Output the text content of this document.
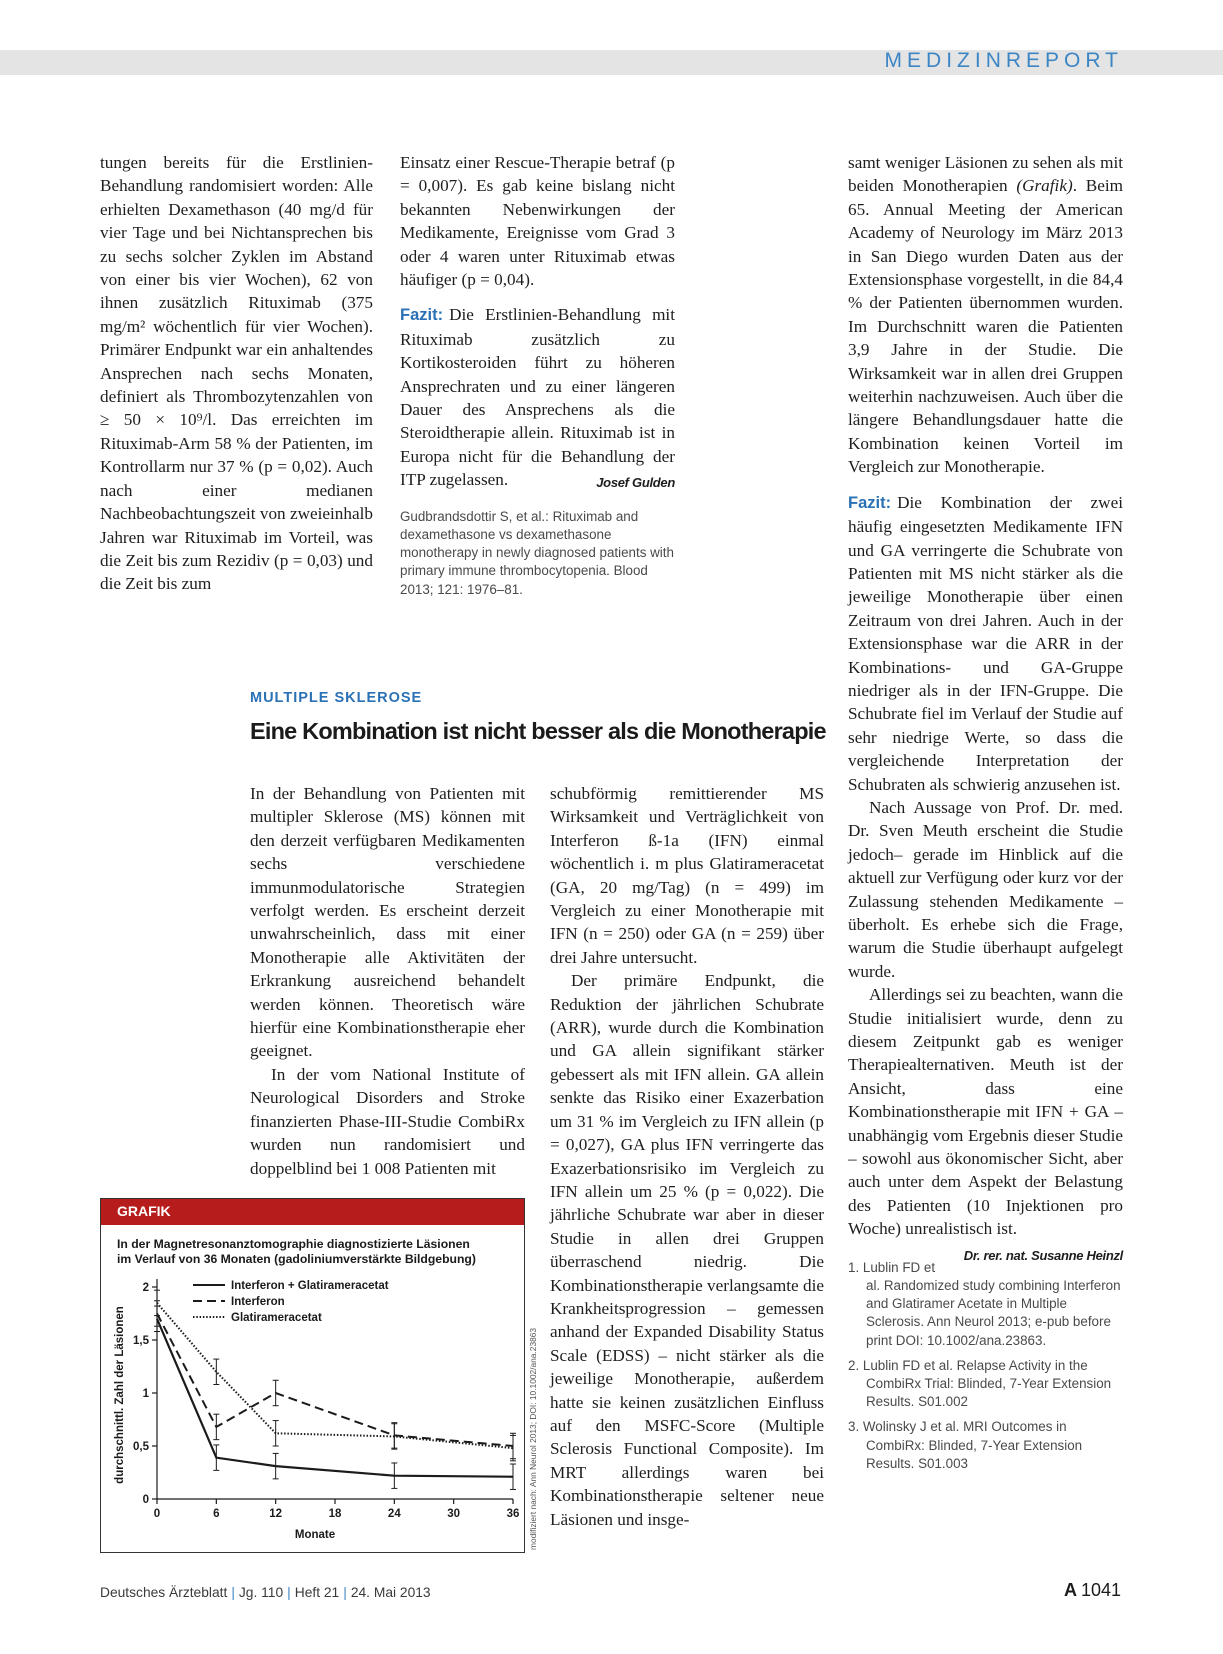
MEDIZINREPORT

tungen bereits für die Erstlinien-Behandlung randomisiert worden: Alle erhielten Dexamethason (40 mg/d für vier Tage und bei Nichtansprechen bis zu sechs solcher Zyklen im Abstand von einer bis vier Wochen), 62 von ihnen zusätzlich Rituximab (375 mg/m² wöchentlich für vier Wochen). Primärer Endpunkt war ein anhaltendes Ansprechen nach sechs Monaten, definiert als Thrombozytenzahlen von ≥ 50 × 10⁹/l. Das erreichten im Rituximab-Arm 58 % der Patienten, im Kontrollarm nur 37 % (p = 0,02). Auch nach einer medianen Nachbeobachtungszeit von zweieinhalb Jahren war Rituximab im Vorteil, was die Zeit bis zum Rezidiv (p = 0,03) und die Zeit bis zum

Einsatz einer Rescue-Therapie betraf (p = 0,007). Es gab keine bislang nicht bekannten Nebenwirkungen der Medikamente, Ereignisse vom Grad 3 oder 4 waren unter Rituximab etwas häufiger (p = 0,04).

Fazit: Die Erstlinien-Behandlung mit Rituximab zusätzlich zu Kortikosteroiden führt zu höheren Ansprechraten und zu einer längeren Dauer des Ansprechens als die Steroidtherapie allein. Rituximab ist in Europa nicht für die Behandlung der ITP zugelassen.	Josef Gulden

Gudbrandsdottir S, et al.: Rituximab and dexamethasone vs dexamethasone monotherapy in newly diagnosed patients with primary immune thrombocytopenia. Blood 2013; 121: 1976–81.

MULTIPLE SKLEROSE
Eine Kombination ist nicht besser als die Monotherapie

In der Behandlung von Patienten mit multipler Sklerose (MS) können mit den derzeit verfügbaren Medikamenten sechs verschiedene immunmodulatorische Strategien verfolgt werden. Es erscheint derzeit unwahrscheinlich, dass mit einer Monotherapie alle Aktivitäten der Erkrankung ausreichend behandelt werden können. Theoretisch wäre hierfür eine Kombinationstherapie eher geeignet.

In der vom National Institute of Neurological Disorders and Stroke finanzierten Phase-III-Studie CombiRx wurden nun randomisiert und doppelblind bei 1 008 Patienten mit

schubförmig remittierender MS Wirksamkeit und Verträglichkeit von Interferon ß-1a (IFN) einmal wöchentlich i. m plus Glatirameracetat (GA, 20 mg/Tag) (n = 499) im Vergleich zu einer Monotherapie mit IFN (n = 250) oder GA (n = 259) über drei Jahre untersucht.

Der primäre Endpunkt, die Reduktion der jährlichen Schubrate (ARR), wurde durch die Kombination und GA allein signifikant stärker gebessert als mit IFN allein. GA allein senkte das Risiko einer Exazerbation um 31 % im Vergleich zu IFN allein (p = 0,027), GA plus IFN verringerte das Exazerbationsrisiko im Vergleich zu IFN allein um 25 % (p = 0,022). Die jährliche Schubrate war aber in dieser Studie in allen drei Gruppen überraschend niedrig. Die Kombinationstherapie verlangsamte die Krankheitsprogression – gemessen anhand der Expanded Disability Status Scale (EDSS) – nicht stärker als die jeweilige Monotherapie, außerdem hatte sie keinen zusätzlichen Einfluss auf den MSFC-Score (Multiple Sclerosis Functional Composite). Im MRT allerdings waren bei Kombinationstherapie seltener neue Läsionen und insge-

samt weniger Läsionen zu sehen als mit beiden Monotherapien (Grafik). Beim 65. Annual Meeting der American Academy of Neurology im März 2013 in San Diego wurden Daten aus der Extensionsphase vorgestellt, in die 84,4 % der Patienten übernommen wurden. Im Durchschnitt waren die Patienten 3,9 Jahre in der Studie. Die Wirksamkeit war in allen drei Gruppen weiterhin nachzuweisen. Auch über die längere Behandlungsdauer hatte die Kombination keinen Vorteil im Vergleich zur Monotherapie.

Fazit: Die Kombination der zwei häufig eingesetzten Medikamente IFN und GA verringerte die Schubrate von Patienten mit MS nicht stärker als die jeweilige Monotherapie über einen Zeitraum von drei Jahren. Auch in der Extensionsphase war die ARR in der Kombinations- und GA-Gruppe niedriger als in der IFN-Gruppe. Die Schubrate fiel im Verlauf der Studie auf sehr niedrige Werte, so dass die vergleichende Interpretation der Schubraten als schwierig anzusehen ist.

Nach Aussage von Prof. Dr. med. Dr. Sven Meuth erscheint die Studie jedoch– gerade im Hinblick auf die aktuell zur Verfügung oder kurz vor der Zulassung stehenden Medikamente – überholt. Es erhebe sich die Frage, warum die Studie überhaupt aufgelegt wurde.

Allerdings sei zu beachten, wann die Studie initialisiert wurde, denn zu diesem Zeitpunkt gab es weniger Therapiealternativen. Meuth ist der Ansicht, dass eine Kombinationstherapie mit IFN + GA – unabhängig vom Ergebnis dieser Studie – sowohl aus ökonomischer Sicht, aber auch unter dem Aspekt der Belastung des Patienten (10 Injektionen pro Woche) unrealistisch ist.
Dr. rer. nat. Susanne Heinzl

1. Lublin FD et al. Randomized study combining Interferon and Glatiramer Acetate in Multiple Sclerosis. Ann Neurol 2013; e-pub before print DOI: 10.1002/ana.23863.
2. Lublin FD et al. Relapse Activity in the CombiRx Trial: Blinded, 7-Year Extension Results. S01.002
3. Wolinsky J et al. MRI Outcomes in CombiRx: Blinded, 7-Year Extension Results. S01.003
GRAFIK
In der Magnetresonanztomographie diagnostizierte Läsionen
im Verlauf von 36 Monaten (gadoliniumverstärkte Bildgebung)
0
0,5
1
1,5
2
0	6	12	18	24	30	36
Monate
durchschnittl. Zahl der Läsionen
Interferon + Glatirameracetat
Interferon
Glatirameracetat
modifiziert nach: Ann Neurol 2013; DOI: 10.1002/ana.23863
Deutsches Ärzteblatt | Jg. 110 | Heft 21 | 24. Mai 2013	A 1041
